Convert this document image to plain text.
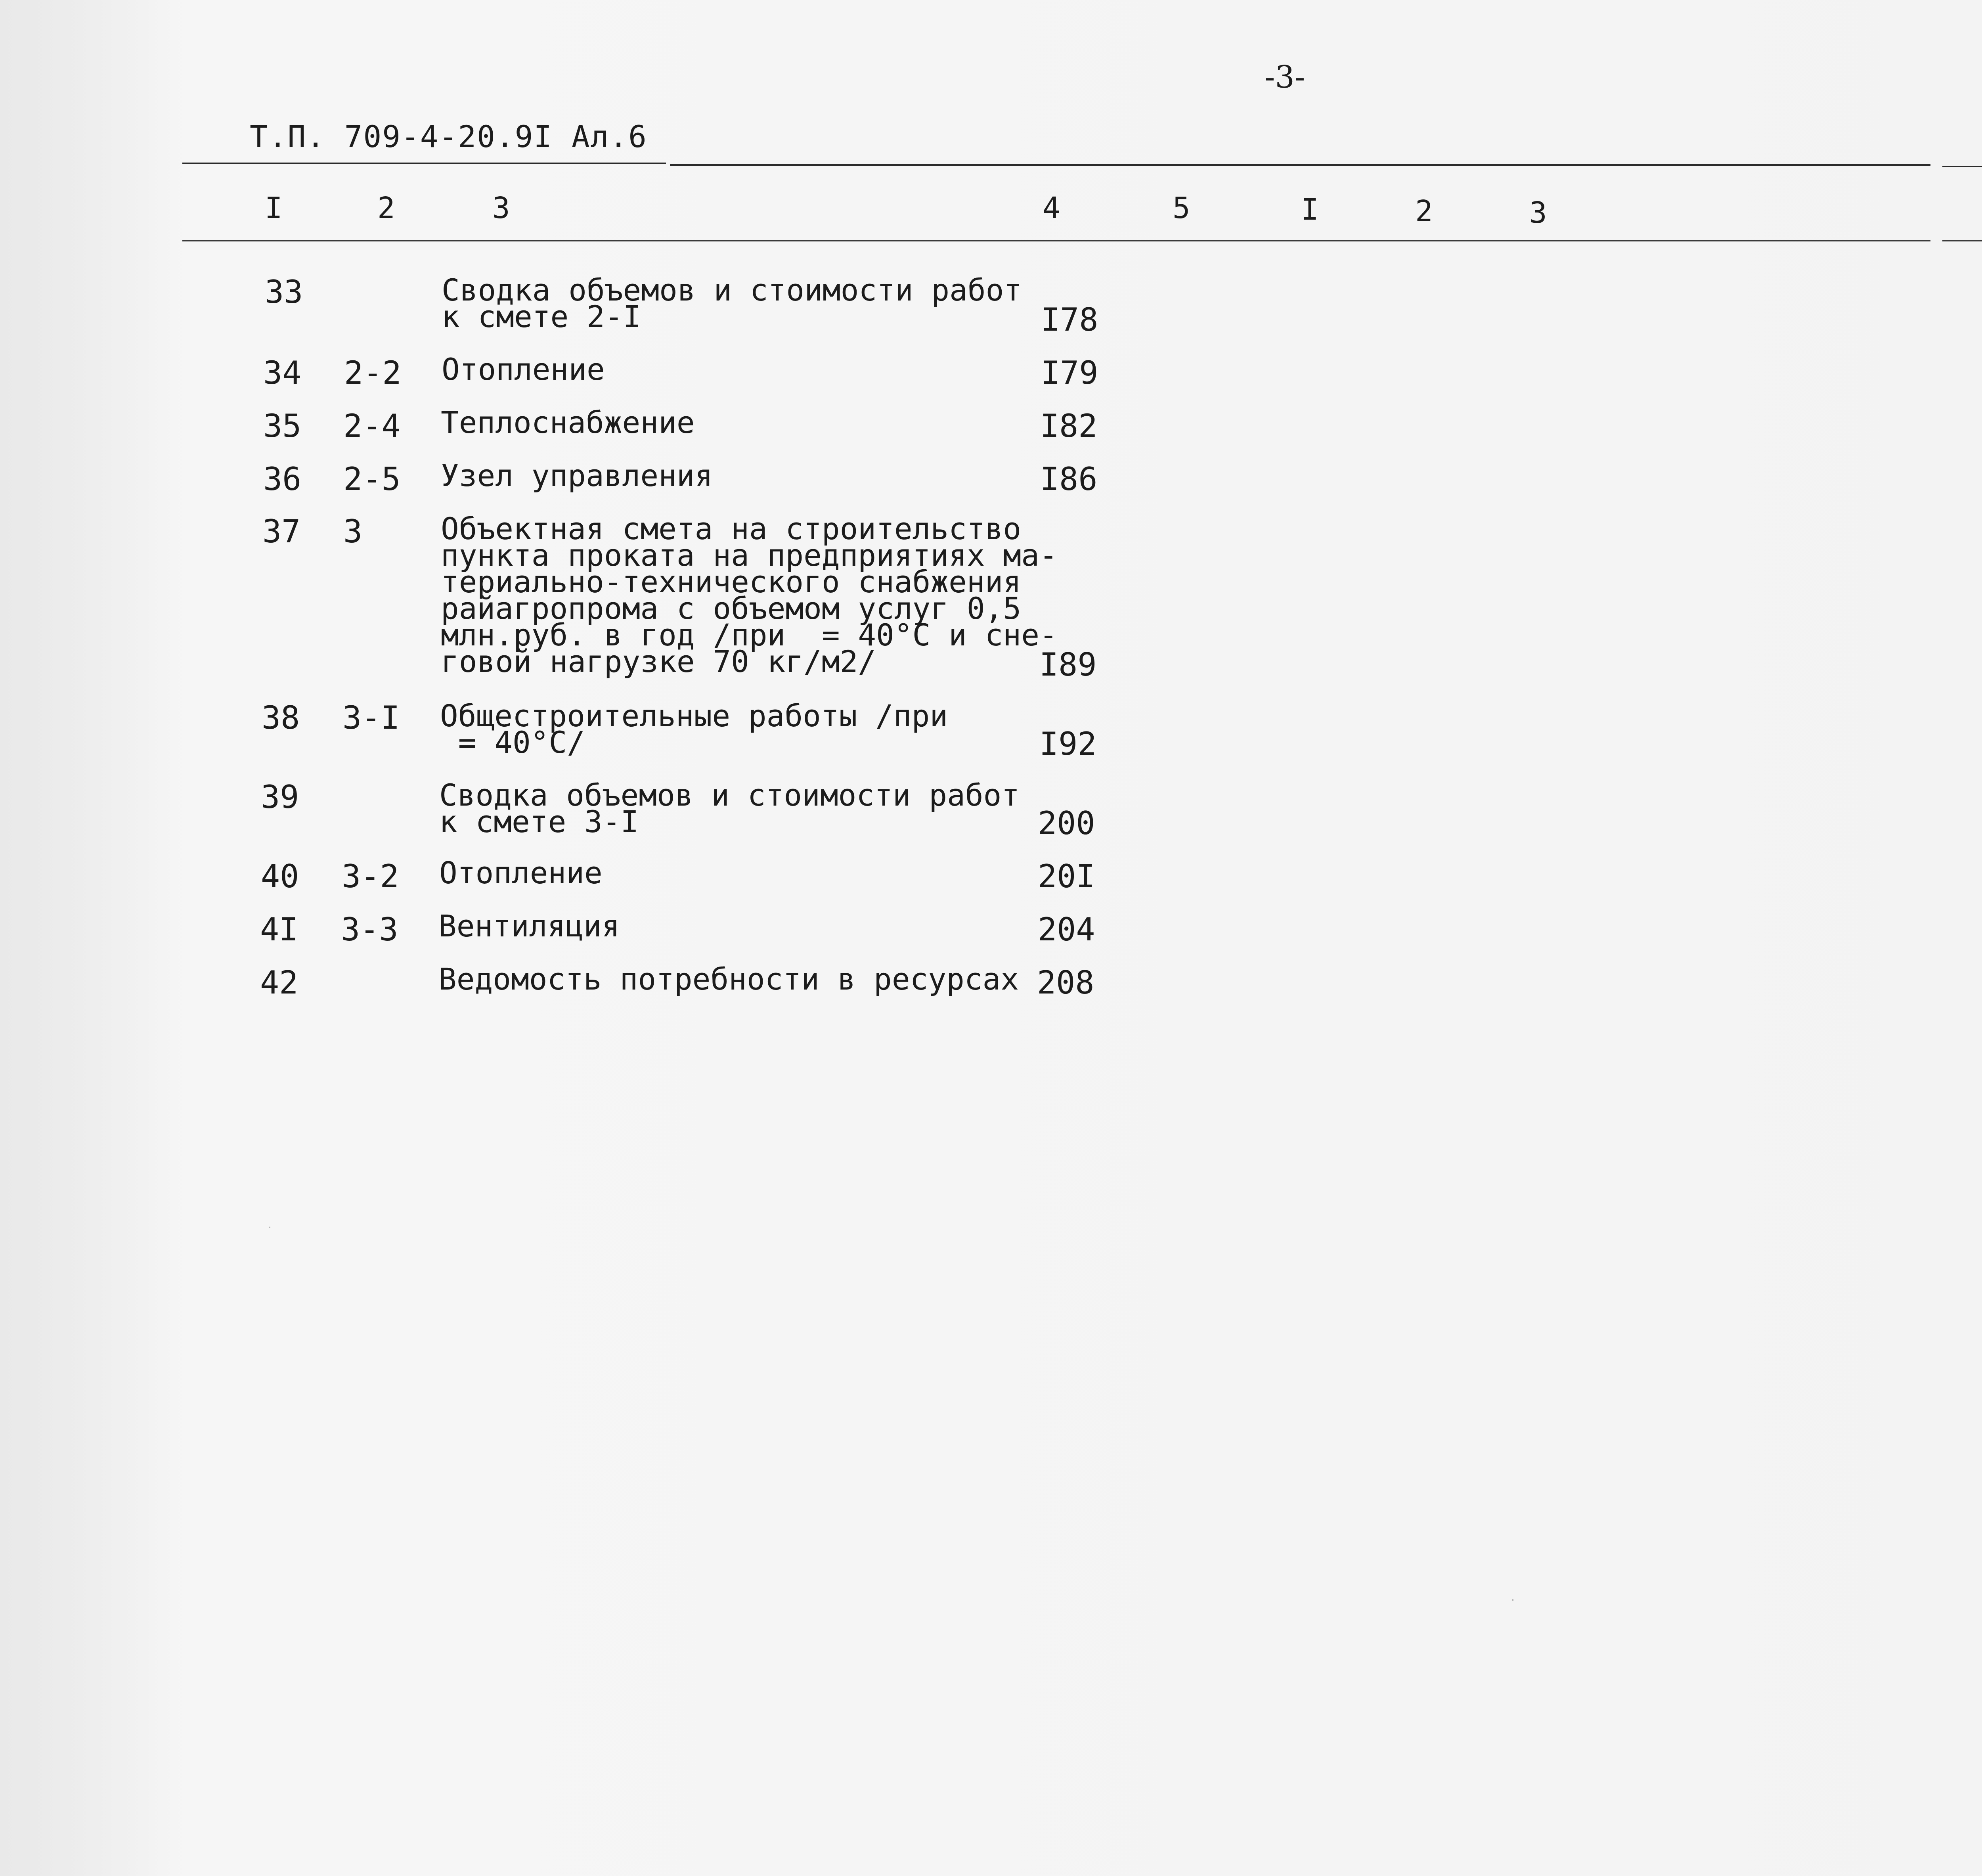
-3-
Т.П. 709-4-20.9I Ал.6
I	2	3	4	5	I	2	3
33	Сводка объемов и стоимости работ
к смете 2-I	I78
34 2-2 Отопление	I79
35 2-4 Теплоснабжение	I82
36 2-5 Узел управления	I86
37 3	Объектная смета на строительство
пункта проката на предприятиях ма-
териально-технического снабжения
райагропрома с объемом услуг 0,5
млн.руб. в год /при  = 40°С и сне-
говой нагрузке 70 кг/м2/	I89
38 3-I Общестроительные работы /при
= 40°С/	I92
39	Сводка объемов и стоимости работ
к смете 3-I	200
40 3-2 Отопление	20I
4I 3-3 Вентиляция	204
42	Ведомость потребности в ресурсах 208
